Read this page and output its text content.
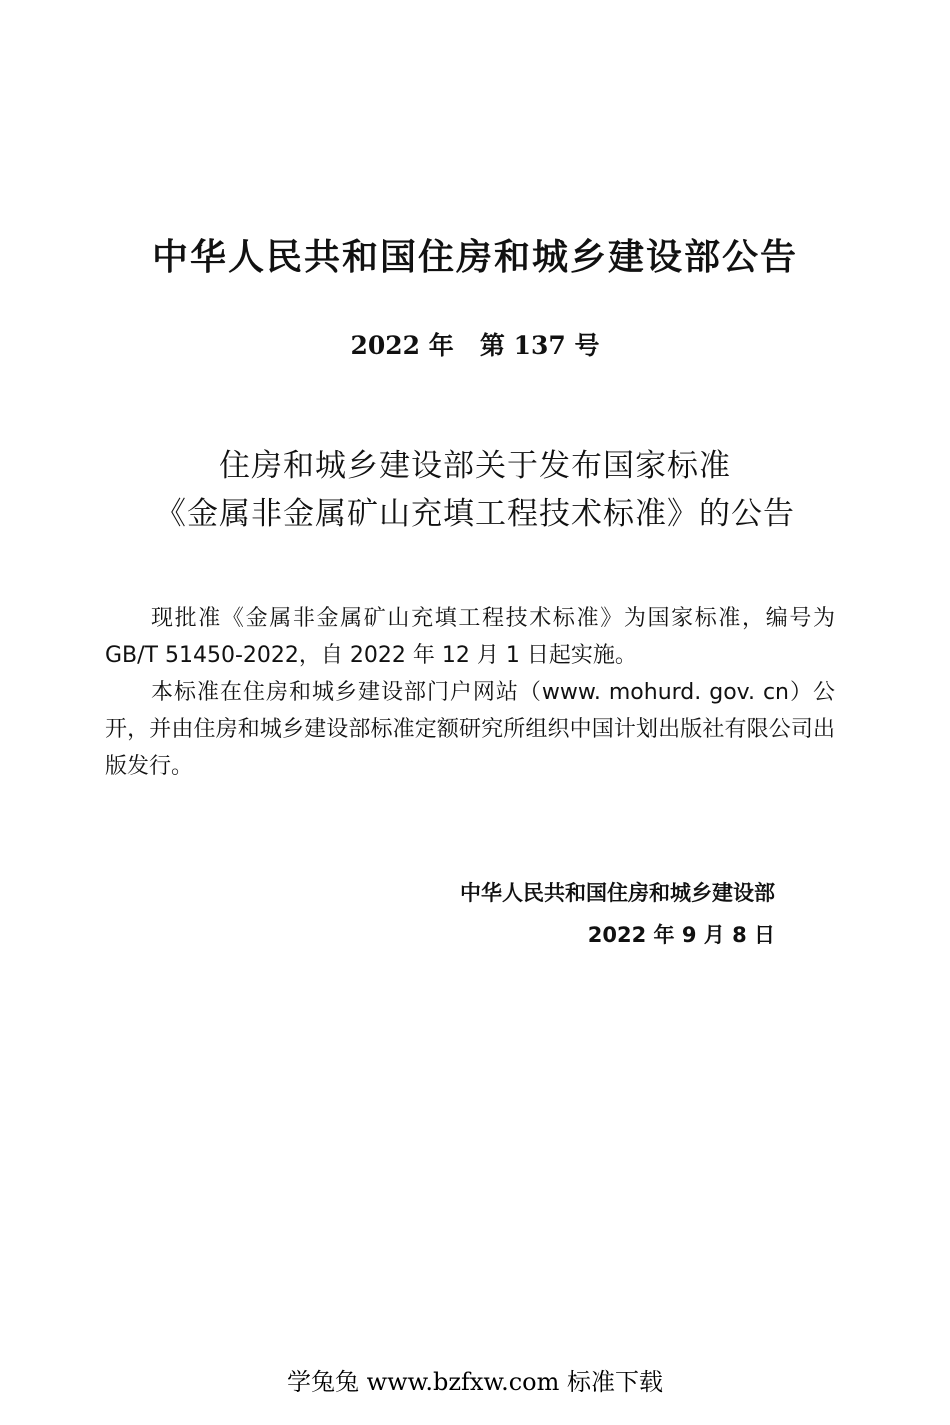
中华人民共和国住房和城乡建设部公告
2022 年   第 137 号
住房和城乡建设部关于发布国家标准
《金属非金属矿山充填工程技术标准》的公告

现批准《金属非金属矿山充填工程技术标准》为国家标准，编号为 GB/T 51450-2022，自 2022 年 12 月 1 日起实施。

本标准在住房和城乡建设部门户网站（www. mohurd. gov. cn）公开，并由住房和城乡建设部标准定额研究所组织中国计划出版社有限公司出版发行。

中华人民共和国住房和城乡建设部
2022 年 9 月 8 日
学兔兔 www.bzfxw.com 标准下载
